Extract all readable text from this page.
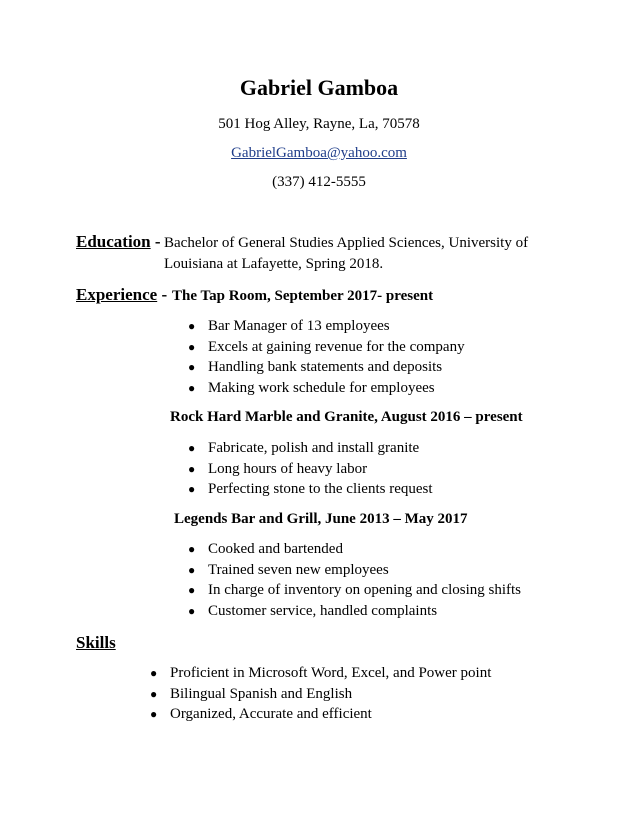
Gabriel Gamboa
501 Hog Alley, Rayne, La, 70578
GabrielGamboa@yahoo.com
(337) 412-5555
Education - Bachelor of General Studies Applied Sciences, University of
Louisiana at Lafayette, Spring 2018.
Experience - The Tap Room, September 2017- present
● Bar Manager of 13 employees
● Excels at gaining revenue for the company
● Handling bank statements and deposits
● Making work schedule for employees
Rock Hard Marble and Granite, August 2016 – present
● Fabricate, polish and install granite
● Long hours of heavy labor
● Perfecting stone to the clients request
Legends Bar and Grill, June 2013 – May 2017
● Cooked and bartended
● Trained seven new employees
● In charge of inventory on opening and closing shifts
● Customer service, handled complaints
Skills
● Proficient in Microsoft Word, Excel, and Power point
● Bilingual Spanish and English
● Organized, Accurate and efficient
